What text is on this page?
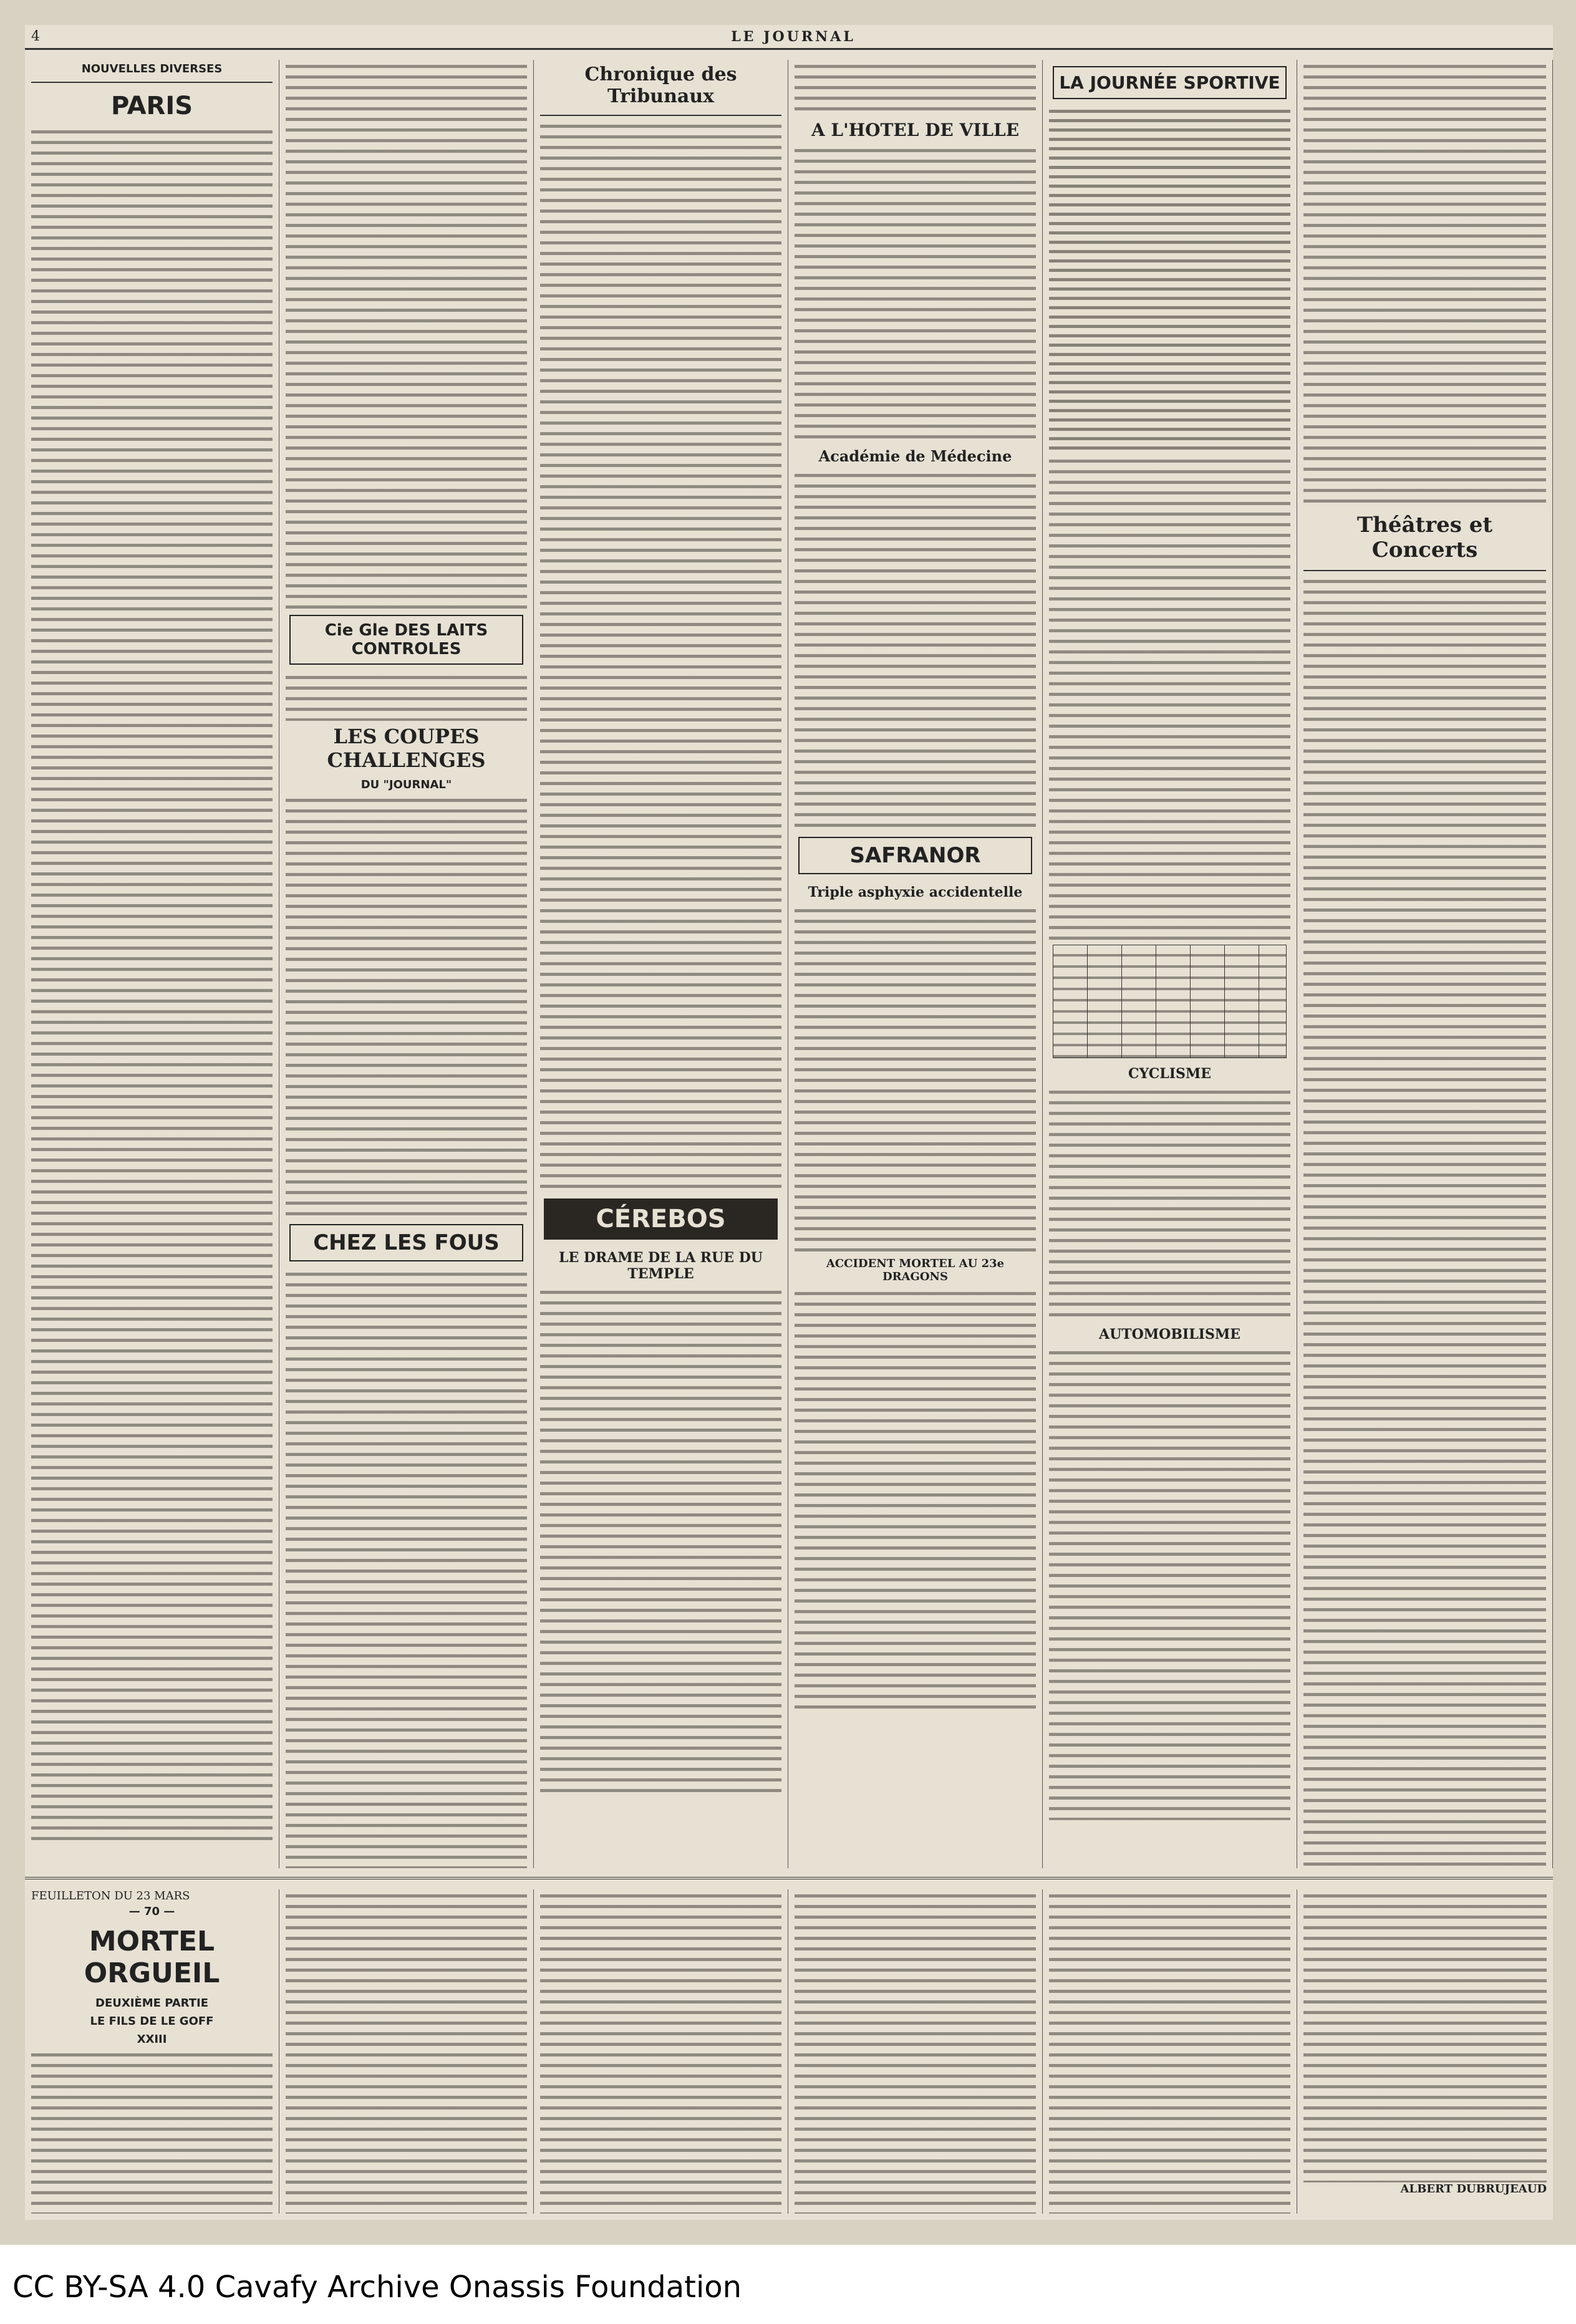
4	LE JOURNAL
NOUVELLES DIVERSES
PARIS
Cie Gle DES LAITS CONTROLES
LES COUPES CHALLENGES
DU "JOURNAL"
CHEZ LES FOUS
Chronique des Tribunaux
CÉREBOS
LE DRAME DE LA RUE DU TEMPLE
A L'HOTEL DE VILLE
Académie de Médecine
SAFRANOR
Triple asphyxie accidentelle
ACCIDENT MORTEL AU 23e DRAGONS
LA JOURNÉE SPORTIVE
CYCLISME
AUTOMOBILISME
Théâtres et Concerts
FEUILLETON DU 23 MARS
— 70 —
MORTEL ORGUEIL
DEUXIÈME PARTIE
LE FILS DE LE GOFF
XXIII
ALBERT DUBRUJEAUD
CC BY-SA 4.0 Cavafy Archive Onassis Foundation
